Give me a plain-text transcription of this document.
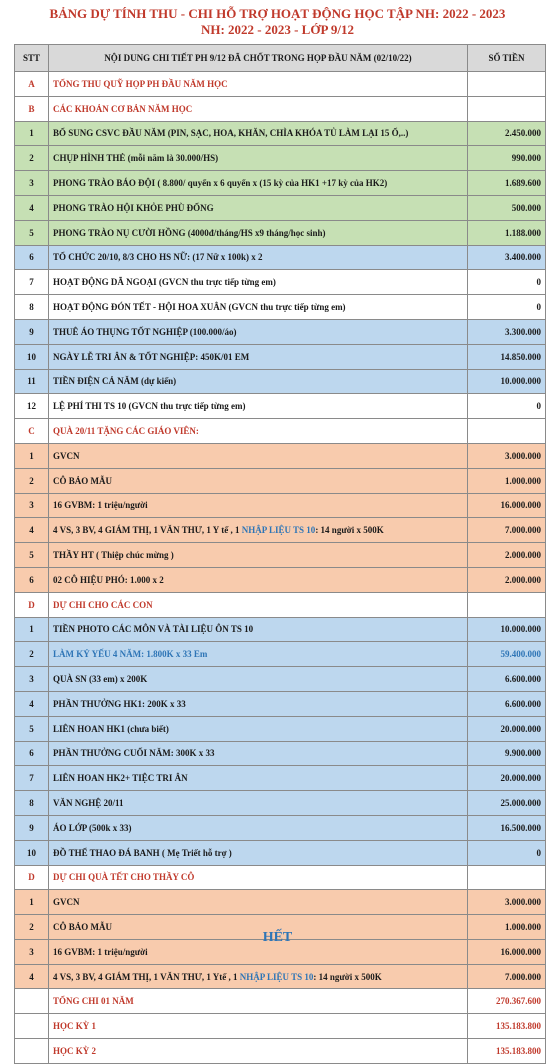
BẢNG DỰ TÍNH THU - CHI HỖ TRỢ HOẠT ĐỘNG HỌC TẬP NH: 2022 - 2023
NH: 2022 - 2023 - LỚP 9/12
STT	NỘI DUNG CHI TIẾT PH 9/12 ĐÃ CHỐT TRONG HỌP ĐẦU NĂM (02/10/22)	SỐ TIỀN
A	TỔNG THU QUỸ HỌP PH ĐẦU NĂM HỌC	
B	CÁC KHOẢN CƠ BẢN NĂM HỌC	
1	BỔ SUNG CSVC ĐẦU NĂM (PIN, SẠC, HOA, KHĂN, CHÌA KHÓA TỦ LÀM LẠI 15 Ổ,..)	2.450.000
2	CHỤP HÌNH THẺ (mỗi năm là 30.000/HS)	990.000
3	PHONG TRÀO BÁO ĐỘI ( 8.800/ quyển x 6 quyển x (15 kỳ của HK1 +17 kỳ của HK2)	1.689.600
4	PHONG TRÀO HỘI KHỎE PHÙ ĐỔNG	500.000
5	PHONG TRÀO NỤ CƯỜI HỒNG (4000đ/tháng/HS x9 tháng/học sinh)	1.188.000
6	TỔ CHỨC 20/10, 8/3 CHO HS NỮ: (17 Nữ x 100k) x 2	3.400.000
7	HOẠT ĐỘNG DÃ NGOẠI (GVCN thu trực tiếp từng em)	0
8	HOẠT ĐỘNG ĐÓN TẾT - HỘI HOA XUÂN (GVCN thu trực tiếp từng em)	0
9	THUÊ ÁO THỤNG TỐT NGHIỆP (100.000/áo)	3.300.000
10	NGÀY LỄ TRI ÂN & TỐT NGHIỆP: 450K/01 EM	14.850.000
11	TIỀN ĐIỆN CẢ NĂM (dự kiến)	10.000.000
12	LỆ PHÍ THI TS 10 (GVCN thu trực tiếp từng em)	0
C	QUÀ 20/11 TẶNG CÁC GIÁO VIÊN:	
1	GVCN	3.000.000
2	CÔ BẢO MẪU	1.000.000
3	16 GVBM: 1 triệu/người	16.000.000
4	4 VS, 3 BV, 4 GIÁM THỊ, 1 VĂN THƯ, 1 Y tế , 1 NHẬP LIỆU TS 10: 14 người x 500K	7.000.000
5	THẦY HT ( Thiệp chúc mừng )	2.000.000
6	02 CÔ HIỆU PHÓ: 1.000 x 2	2.000.000
D	DỰ CHI CHO CÁC CON	
1	TIỀN PHOTO CÁC MÔN VÀ TÀI LIỆU ÔN TS 10	10.000.000
2	LÀM KỶ YẾU 4 NĂM: 1.800K x 33 Em	59.400.000
3	QUÀ SN (33 em) x 200K	6.600.000
4	PHẦN THƯỞNG HK1: 200K x 33	6.600.000
5	LIÊN HOAN HK1 (chưa biết)	20.000.000
6	PHẦN THƯỞNG CUỐI NĂM: 300K x 33	9.900.000
7	LIÊN HOAN HK2+ TIỆC TRI ÂN	20.000.000
8	VĂN NGHỆ 20/11	25.000.000
9	ÁO LỚP (500k x 33)	16.500.000
10	ĐỒ THỂ THAO ĐÁ BANH ( Mẹ Triết hỗ trợ )	0
D	DỰ CHI QUÀ TẾT CHO THẦY CÔ	
1	GVCN	3.000.000
2	CÔ BẢO MẪU	1.000.000
3	16 GVBM: 1 triệu/người	16.000.000
4	4 VS, 3 BV, 4 GIÁM THỊ, 1 VĂN THƯ, 1 Ytế , 1 NHẬP LIỆU TS 10: 14 người x 500K	7.000.000
	TỔNG CHI 01 NĂM	270.367.600
	HỌC KỲ 1	135.183.800
	HỌC KỲ 2	135.183.800
HẾT
